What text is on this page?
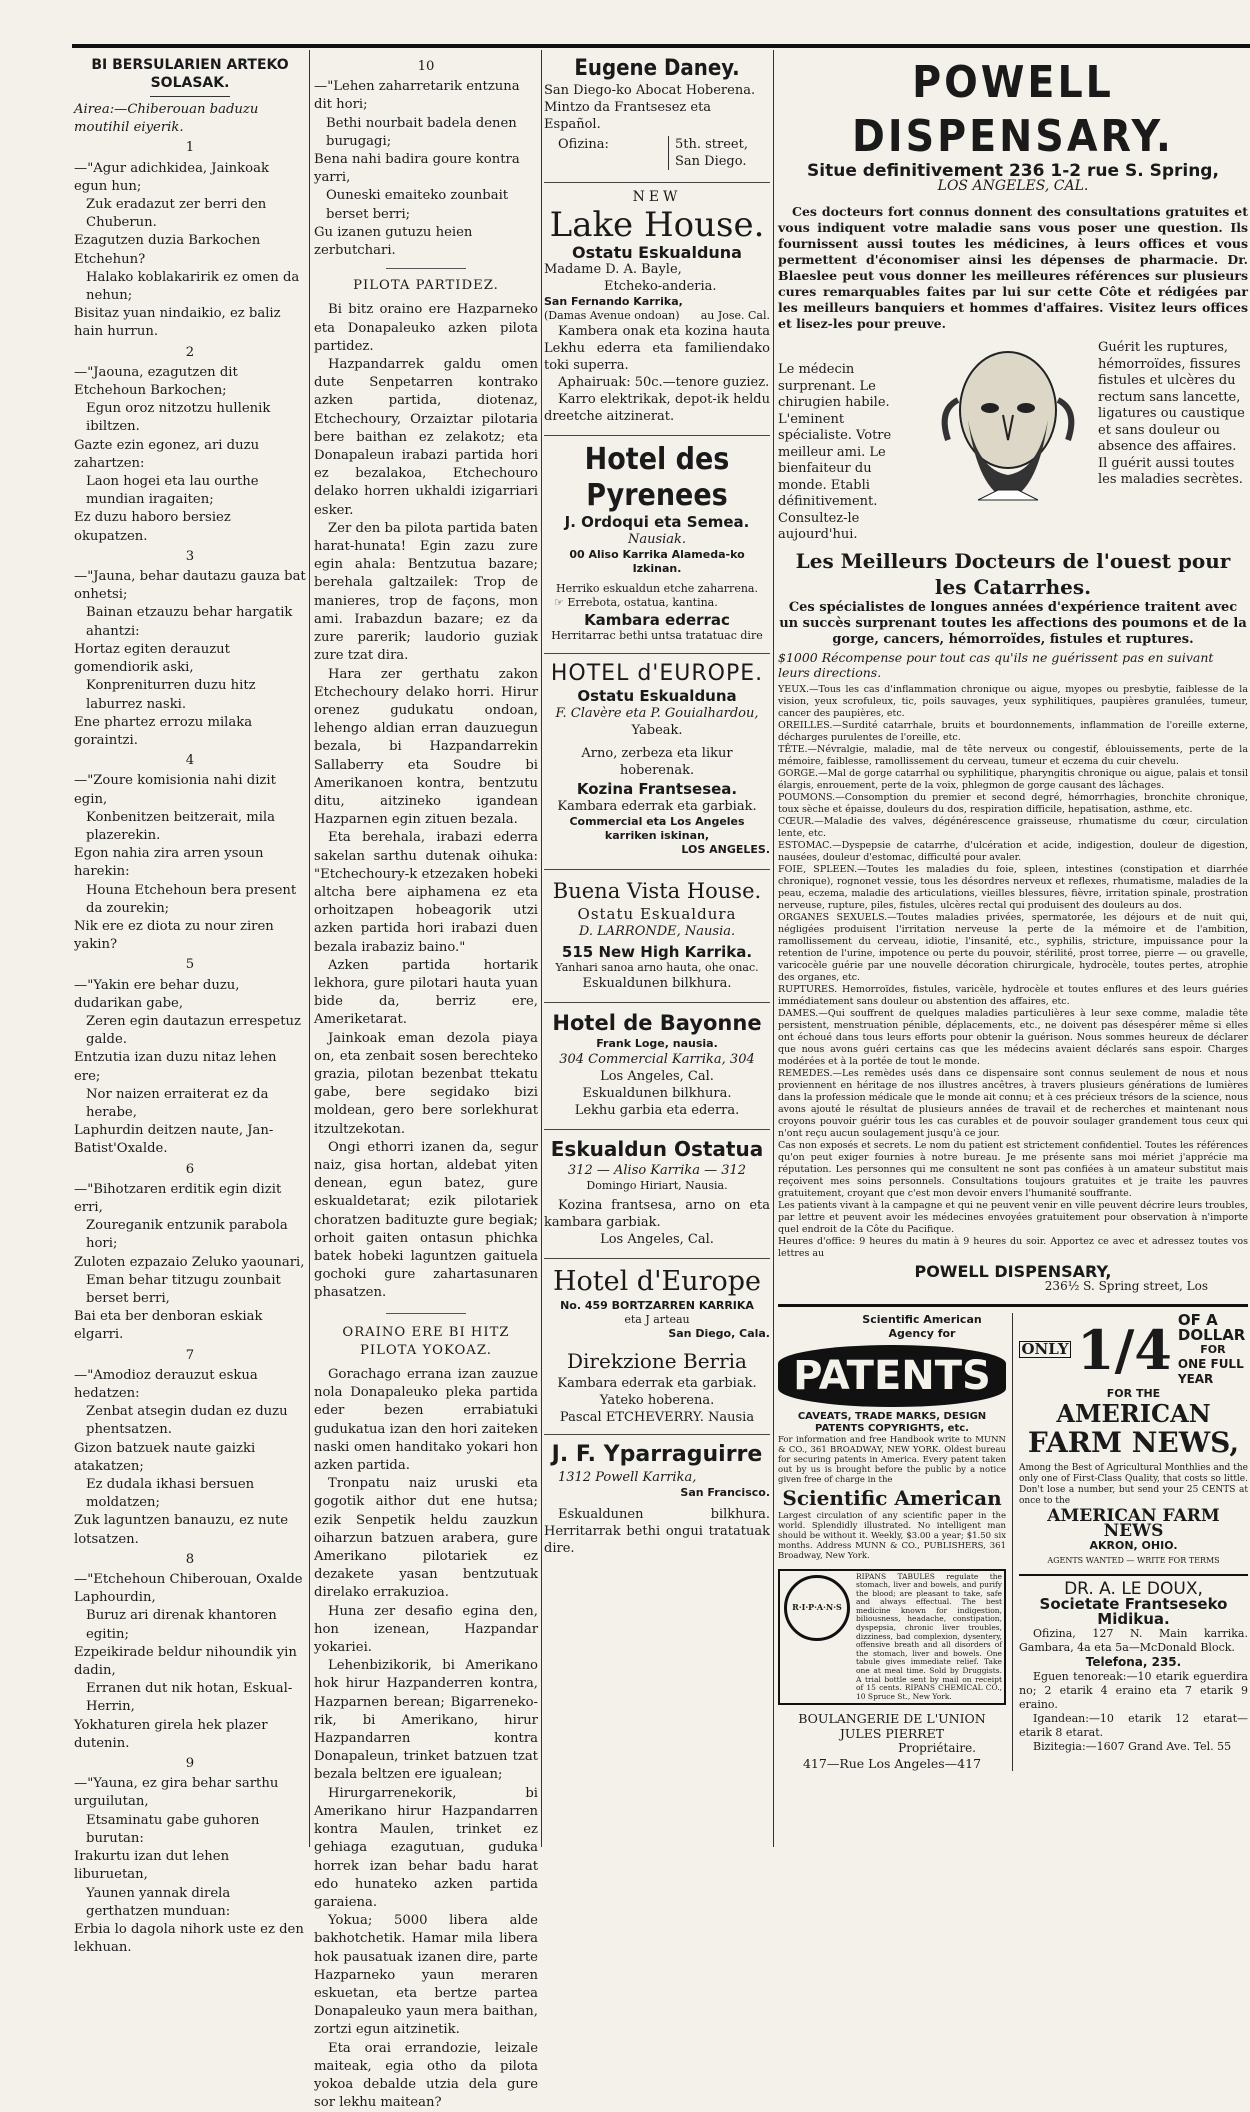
BI BERSULARIEN ARTEKO SOLASAK.
Airea:—Chiberouan baduzu moutihil eiyerik.
1
—"Agur adichkidea, Jainkoak egun hun;
Zuk eradazut zer berri den Chuberun.
Ezagutzen duzia Barkochen Etchehun?
Halako koblakaririk ez omen da nehun;
Bisitaz yuan nindaikio, ez baliz hain hurrun.
2
—"Jaouna, ezagutzen dit Etchehoun Barkochen;
Egun oroz nitzotzu hullenik ibiltzen.
Gazte ezin egonez, ari duzu zahartzen:
Laon hogei eta lau ourthe mundian iragaiten;
Ez duzu haboro bersiez okupatzen.
3
—"Jauna, behar dautazu gauza bat onhetsi;
Bainan etzauzu behar hargatik ahantzi:
Hortaz egiten derauzut gomendiorik aski,
Konpreniturren duzu hitz laburrez naski.
Ene phartez errozu milaka goraintzi.
4
—"Zoure komisionia nahi dizit egin,
Konbenitzen beitzerait, mila plazerekin.
Egon nahia zira arren ysoun harekin:
Houna Etchehoun bera present da zourekin;
Nik ere ez diota zu nour ziren yakin?
5
—"Yakin ere behar duzu, dudarikan gabe,
Zeren egin dautazun errespetuz galde.
Entzutia izan duzu nitaz lehen ere;
Nor naizen erraiterat ez da herabe,
Laphurdin deitzen naute, Jan-Batist'Oxalde.
6
—"Bihotzaren erditik egin dizit erri,
Zoureganik entzunik parabola hori;
Zuloten ezpazaio Zeluko yaounari,
Eman behar titzugu zounbait berset berri,
Bai eta ber denboran eskiak elgarri.
7
—"Amodioz derauzut eskua hedatzen:
Zenbat atsegin dudan ez duzu phentsatzen.
Gizon batzuek naute gaizki atakatzen;
Ez dudala ikhasi bersuen moldatzen;
Zuk laguntzen banauzu, ez nute lotsatzen.
8
—"Etchehoun Chiberouan, Oxalde Laphourdin,
Buruz ari direnak khantoren egitin;
Ezpeikirade beldur nihoundik yin dadin,
Erranen dut nik hotan, Eskual-Herrin,
Yokhaturen girela hek plazer dutenin.
9
—"Yauna, ez gira behar sarthu urguilutan,
Etsaminatu gabe guhoren burutan:
Irakurtu izan dut lehen liburuetan,
Yaunen yannak direla gerthatzen munduan:
Erbia lo dagola nihork uste ez den lekhuan.
10
—"Lehen zaharretarik entzuna dit hori;
Bethi nourbait badela denen burugagi;
Bena nahi badira goure kontra yarri,
Ouneski emaiteko zounbait berset berri;
Gu izanen gutuzu heien zerbutchari.
PILOTA PARTIDEZ.

Bi bitz oraino ere Hazparneko eta Donapaleuko azken pilota partidez.

Hazpandarrek galdu omen dute Senpetarren kontrako azken partida, diotenaz, Etchechoury, Orzaiztar pilotaria bere baithan ez zelakotz; eta Donapaleun irabazi partida hori ez bezalakoa, Etchechouro delako horren ukhaldi izigarriari esker.

Zer den ba pilota partida baten harat-hunata! Egin zazu zure egin ahala: Bentzutua bazare; berehala galtzailek: Trop de manieres, trop de façons, mon ami. Irabazdun bazare; ez da zure parerik; laudorio guziak zure tzat dira.

Hara zer gerthatu zakon Etchechoury delako horri. Hirur orenez gudukatu ondoan, lehengo aldian erran dauzuegun bezala, bi Hazpandarrekin Sallaberry eta Soudre bi Amerikanoen kontra, bentzutu ditu, aitzineko igandean Hazparnen egin zituen bezala.

Eta berehala, irabazi ederra sakelan sarthu dutenak oihuka: "Etchechoury-k etzezaken hobeki altcha bere aiphamena ez eta orhoitzapen hobeagorik utzi azken partida hori irabazi duen bezala irabaziz baino."

Azken partida hortarik lekhora, gure pilotari hauta yuan bide da, berriz ere, Ameriketarat.

Jainkoak eman dezola piaya on, eta zenbait sosen berechteko grazia, pilotan bezenbat ttekatu gabe, bere segidako bizi moldean, gero bere sorlekhurat itzultzekotan.

Ongi ethorri izanen da, segur naiz, gisa hortan, aldebat yiten denean, egun batez, gure eskualdetarat; ezik pilotariek choratzen badituzte gure begiak; orhoit gaiten ontasun phichka batek hobeki laguntzen gaituela gochoki gure zahartasunaren phasatzen.

ORAINO ERE BI HITZ PILOTA YOKOAZ.

Gorachago errana izan zauzue nola Donapaleuko pleka partida eder bezen errabiatuki gudukatua izan den hori zaiteken naski omen handitako yokari hon azken partida.

Tronpatu naiz uruski eta gogotik aithor dut ene hutsa; ezik Senpetik heldu zauzkun oiharzun batzuen arabera, gure Amerikano pilotariek ez dezakete yasan bentzutuak direlako errakuzioa.

Huna zer desafio egina den, hon izenean, Hazpandar yokariei.

Lehenbizikorik, bi Amerikano hok hirur Hazpanderren kontra, Hazparnen berean; Bigarreneko-rik, bi Amerikano, hirur Hazpandarren kontra Donapaleun, trinket batzuen tzat bezala beltzen ere igualean;

Hirurgarrenekorik, bi Amerikano hirur Hazpandarren kontra Maulen, trinket ez gehiaga ezagutuan, guduka horrek izan behar badu harat edo hunateko azken partida garaiena.

Yokua; 5000 libera alde bakhotchetik. Hamar mila libera hok pausatuak izanen dire, parte Hazparneko yaun meraren eskuetan, eta bertze partea Donapaleuko yaun mera baithan, zortzi egun aitzinetik.

Eta orai errandozie, leizale maiteak, egia otho da pilota yokoa debalde utzia dela gure sor lekhu maitean?

Eugene Daney.
San Diego-ko Abocat Hoberena.
Mintzo da Frantsesez eta Español.
Ofizina:	5th. street,
San Diego.
NEW
Lake House.
Ostatu Eskualduna
Madame D. A. Bayle,
Etcheko-anderia.
San Fernando Karrika,
(Damas Avenue ondoan) au Jose. Cal.
Kambera onak eta kozina hauta Lekhu ederra eta familiendako toki superra.
Aphairuak: 50c.—tenore guziez.
Karro elektrikak, depot-ik heldu dreetche aitzinerat.
Hotel des Pyrenees
J. Ordoqui eta Semea.
Nausiak.
00 Aliso Karrika Alameda-ko Izkinan.
Herriko eskualdun etche zaharrena.
☞ Errebota, ostatua, kantina.
Kambara ederrac
Herritarrac bethi untsa tratatuac dire
HOTEL d'EUROPE.
Ostatu Eskualduna
F. Clavère eta P. Gouialhardou,
Yabeak.
Arno, zerbeza eta likur hoberenak.
Kozina Frantsesea.
Kambara ederrak eta garbiak.
Commercial eta Los Angeles karriken iskinan,
LOS ANGELES.
Buena Vista House.
Ostatu Eskualdura
D. LARRONDE, Nausia.
515 New High Karrika.
Yanhari sanoa arno hauta, ohe onac.
Eskualdunen bilkhura.
Hotel de Bayonne
Frank Loge, nausia.
304 Commercial Karrika, 304
Los Angeles, Cal.
Eskualdunen bilkhura.
Lekhu garbia eta ederra.
Eskualdun Ostatua
312 — Aliso Karrika — 312
Domingo Hiriart, Nausia.
Kozina frantsesa, arno on eta kambara garbiak.
Los Angeles, Cal.
Hotel d'Europe
No. 459 BORTZARREN KARRIKA
eta J arteau
San Diego, Cala.
Direkzione Berria
Kambara ederrak eta garbiak.
Yateko hoberena.
Pascal ETCHEVERRY. Nausia
J. F. Yparraguirre
1312 Powell Karrika,
San Francisco.
Eskualdunen bilkhura. Herritarrak bethi ongui tratatuak dire.
POWELL DISPENSARY.
Situe definitivement 236 1-2 rue S. Spring,
LOS ANGELES, CAL.
Ces docteurs fort connus donnent des consultations gratuites et vous indiquent votre maladie sans vous poser une question. Ils fournissent aussi toutes les médicines, à leurs offices et vous permettent d'économiser ainsi les dépenses de pharmacie. Dr. Blaeslee peut vous donner les meilleures références sur plusieurs cures remarquables faites par lui sur cette Côte et rédigées par les meilleurs banquiers et hommes d'affaires. Visitez leurs offices et lisez-les pour preuve.
Le médecin surprenant. Le chirugien habile. L'eminent spécialiste. Votre meilleur ami. Le bienfaiteur du monde. Etabli définitivement. Consultez-le aujourd'hui.
Guérit les ruptures, hémorroïdes, fissures fistules et ulcères du rectum sans lancette, ligatures ou caustique et sans douleur ou absence des affaires. Il guérit aussi toutes les maladies secrètes.
Les Meilleurs Docteurs de l'ouest pour les Catarrhes.
Ces spécialistes de longues années d'expérience traitent avec un succès surprenant toutes les affections des poumons et de la gorge, cancers, hémorroïdes, fistules et ruptures.
$1000 Récompense pour tout cas qu'ils ne guérissent pas en suivant leurs directions.
YEUX.—Tous les cas d'inflammation chronique ou aigue, myopes ou presbytie, faiblesse de la vision, yeux scrofuleux, tic, poils sauvages, yeux syphilitiques, paupières granulées, tumeur, cancer des paupières, etc.
OREILLES.—Surdité catarrhale, bruits et bourdonnements, inflammation de l'oreille externe, décharges purulentes de l'oreille, etc.
TÊTE.—Névralgie, maladie, mal de tête nerveux ou congestif, éblouissements, perte de la mémoire, faiblesse, ramollissement du cerveau, tumeur et eczema du cuir chevelu.
GORGE.—Mal de gorge catarrhal ou syphilitique, pharyngitis chronique ou aigue, palais et tonsil élargis, enrouement, perte de la voix, phlegmon de gorge causant des lâchages.
POUMONS.—Consomption du premier et second degré, hémorrhagies, bronchite chronique, toux sèche et épaisse, douleurs du dos, respiration difficile, hepatisation, asthme, etc.
CŒUR.—Maladie des valves, dégénérescence graisseuse, rhumatisme du cœur, circulation lente, etc.
ESTOMAC.—Dyspepsie de catarrhe, d'ulcération et acide, indigestion, douleur de digestion, nausées, douleur d'estomac, difficulté pour avaler.
FOIE, SPLEEN.—Toutes les maladies du foie, spleen, intestines (constipation et diarrhée chronique), rognonet vessie, tous les désordres nerveux et reflexes, rhumatisme, maladies de la peau, eczema, maladie des articulations, vieilles blessures, fièvre, irritation spinale, prostration nerveuse, rupture, piles, fistules, ulcères rectal qui produisent des douleurs au dos.
ORGANES SEXUELS.—Toutes maladies privées, spermatorée, les déjours et de nuit qui, négligées produisent l'irritation nerveuse la perte de la mémoire et de l'ambition, ramollissement du cerveau, idiotie, l'insanité, etc., syphilis, stricture, impuissance pour la retention de l'urine, impotence ou perte du pouvoir, stérilité, prost torree, pierre — ou gravelle, varicocèle guérie par une nouvelle décoration chirurgicale, hydrocèle, toutes pertes, atrophie des organes, etc.
RUPTURES. Hemorroïdes, fistules, varicèle, hydrocèle et toutes enflures et des leurs guéries immédiatement sans douleur ou abstention des affaires, etc.
DAMES.—Qui souffrent de quelques maladies particulières à leur sexe comme, maladie tête persistent, menstruation pénible, déplacements, etc., ne doivent pas désespérer même si elles ont échoué dans tous leurs efforts pour obtenir la guérison. Nous sommes heureux de déclarer que nous avons guéri certains cas que les médecins avaient déclarés sans espoir. Charges modérées et à la portée de tout le monde.
REMEDES.—Les remèdes usés dans ce dispensaire sont connus seulement de nous et nous proviennent en héritage de nos illustres ancêtres, à travers plusieurs générations de lumières dans la profession médicale que le monde ait connu; et à ces précieux trésors de la science, nous avons ajouté le résultat de plusieurs années de travail et de recherches et maintenant nous croyons pouvoir guérir tous les cas curables et de pouvoir soulager grandement tous ceux qui n'ont reçu aucun soulagement jusqu'à ce jour.
Cas non exposés et secrets. Le nom du patient est strictement confidentiel. Toutes les références qu'on peut exiger fournies à notre bureau. Je me présente sans moi mériet j'apprécie ma réputation. Les personnes qui me consultent ne sont pas confiées à un amateur substitut mais reçoivent mes soins personnels. Consultations toujours gratuites et je traite les pauvres gratuitement, croyant que c'est mon devoir envers l'humanité souffrante.
Les patients vivant à la campagne et qui ne peuvent venir en ville peuvent décrire leurs troubles, par lettre et peuvent avoir les médecines envoyées gratuitement pour observation à n'importe quel endroit de la Côte du Pacifique.
Heures d'office: 9 heures du matin à 9 heures du soir. Apportez ce avec et adressez toutes vos lettres au
POWELL DISPENSARY,
236½ S. Spring street, Los
Scientific American Agency for
PATENTS
CAVEATS, TRADE MARKS, DESIGN PATENTS COPYRIGHTS, etc.
For information and free Handbook write to MUNN & CO., 361 BROADWAY, NEW YORK. Oldest bureau for securing patents in America. Every patent taken out by us is brought before the public by a notice given free of charge in the
Scientific American
Largest circulation of any scientific paper in the world. Splendidly illustrated. No intelligent man should be without it. Weekly, $3.00 a year; $1.50 six months. Address MUNN & CO., PUBLISHERS, 361 Broadway, New York.
R·I·P·A·N·S
RIPANS TABULES regulate the stomach, liver and bowels, and purify the blood; are pleasant to take, safe and always effectual. The best medicine known for indigestion, biliousness, headache, constipation, dyspepsia, chronic liver troubles, dizziness, bad complexion, dysentery, offensive breath and all disorders of the stomach, liver and bowels. One tabule gives immediate relief. Take one at meal time. Sold by Druggists. A trial bottle sent by mail on receipt of 15 cents. RIPANS CHEMICAL CO., 10 Spruce St., New York.
BOULANGERIE DE L'UNION
JULES PIERRET
Propriétaire.
417—Rue Los Angeles—417
ONLY 1/4 OF A DOLLAR
FOR
ONE FULL YEAR
FOR THE
AMERICAN
FARM NEWS,
Among the Best of Agricultural Monthlies and the only one of First-Class Quality, that costs so little. Don't lose a number, but send your 25 CENTS at once to the
AMERICAN FARM NEWS
AKRON, OHIO.
AGENTS WANTED — WRITE FOR TERMS
DR. A. LE DOUX,
Societate Frantseseko
Midikua.
Ofizina, 127 N. Main karrika. Gambara, 4a eta 5a—McDonald Block.
Telefona, 235.
Eguen tenoreak:—10 etarik eguerdira no; 2 etarik 4 eraino eta 7 etarik 9 eraino.
Igandean:—10 etarik 12 etarat—etarik 8 etarat.
Bizitegia:—1607 Grand Ave. Tel. 55
